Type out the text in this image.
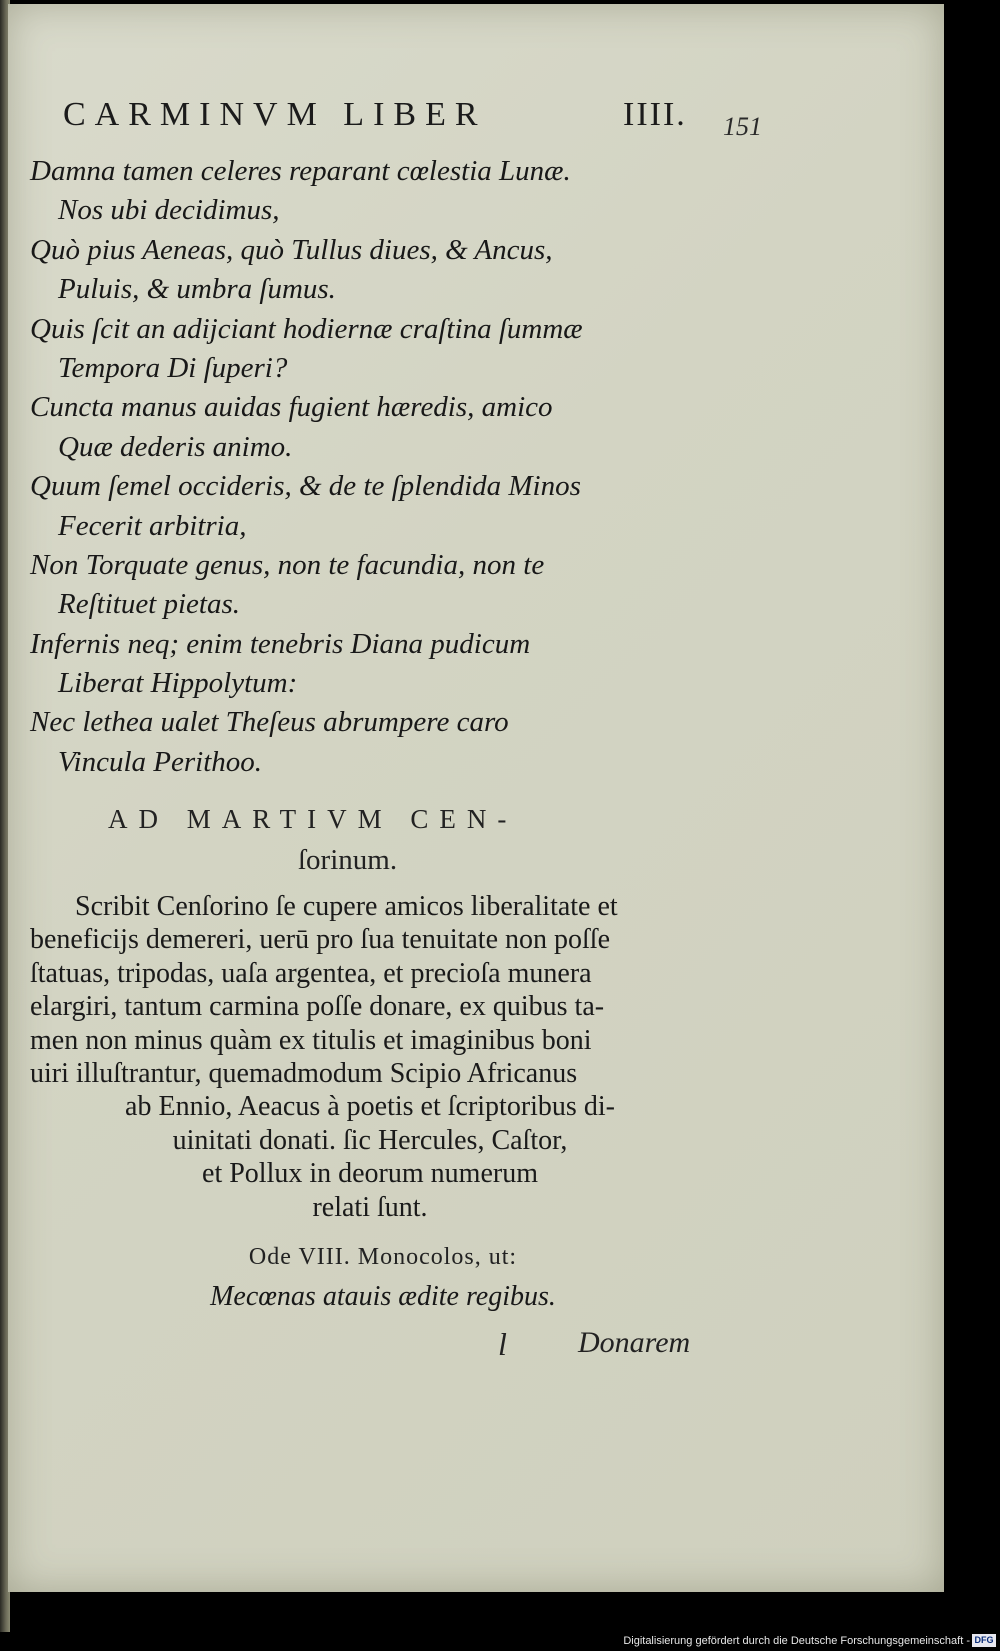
CARMINVM LIBER	IIII. 151
Damna tamen celeres reparant cœlestia Lunæ.
Nos ubi decidimus,
Quò pius Aeneas, quò Tullus diues, & Ancus,
Puluis, & umbra ſumus.
Quis ſcit an adijciant hodiernæ craſtina ſummæ
Tempora Di ſuperi?
Cuncta manus auidas fugient hæredis, amico
Quæ dederis animo.
Quum ſemel occideris, & de te ſplendida Minos
Fecerit arbitria,
Non Torquate genus, non te facundia, non te
Reſtituet pietas.
Infernis neq; enim tenebris Diana pudicum
Liberat Hippolytum:
Nec lethea ualet Theſeus abrumpere caro
Vincula Perithoo.
AD MARTIVM CEN-
ſorinum.
Scribit Cenſorino ſe cupere amicos liberalitate et
beneficijs demereri, uerū pro ſua tenuitate non poſſe
ſtatuas, tripodas, uaſa argentea, et precioſa munera
elargiri, tantum carmina poſſe donare, ex quibus ta-
men non minus quàm ex titulis et imaginibus boni
uiri illuſtrantur, quemadmodum Scipio Africanus
ab Ennio, Aeacus à poetis et ſcriptoribus di-
uinitati donati. ſic Hercules, Caſtor,
et Pollux in deorum numerum
relati ſunt.
Ode VIII. Monocolos, ut:
Mecœnas atauis ædite regibus.
l Donarem
Digitalisierung gefördert durch die Deutsche Forschungsgemeinschaft - DFG
